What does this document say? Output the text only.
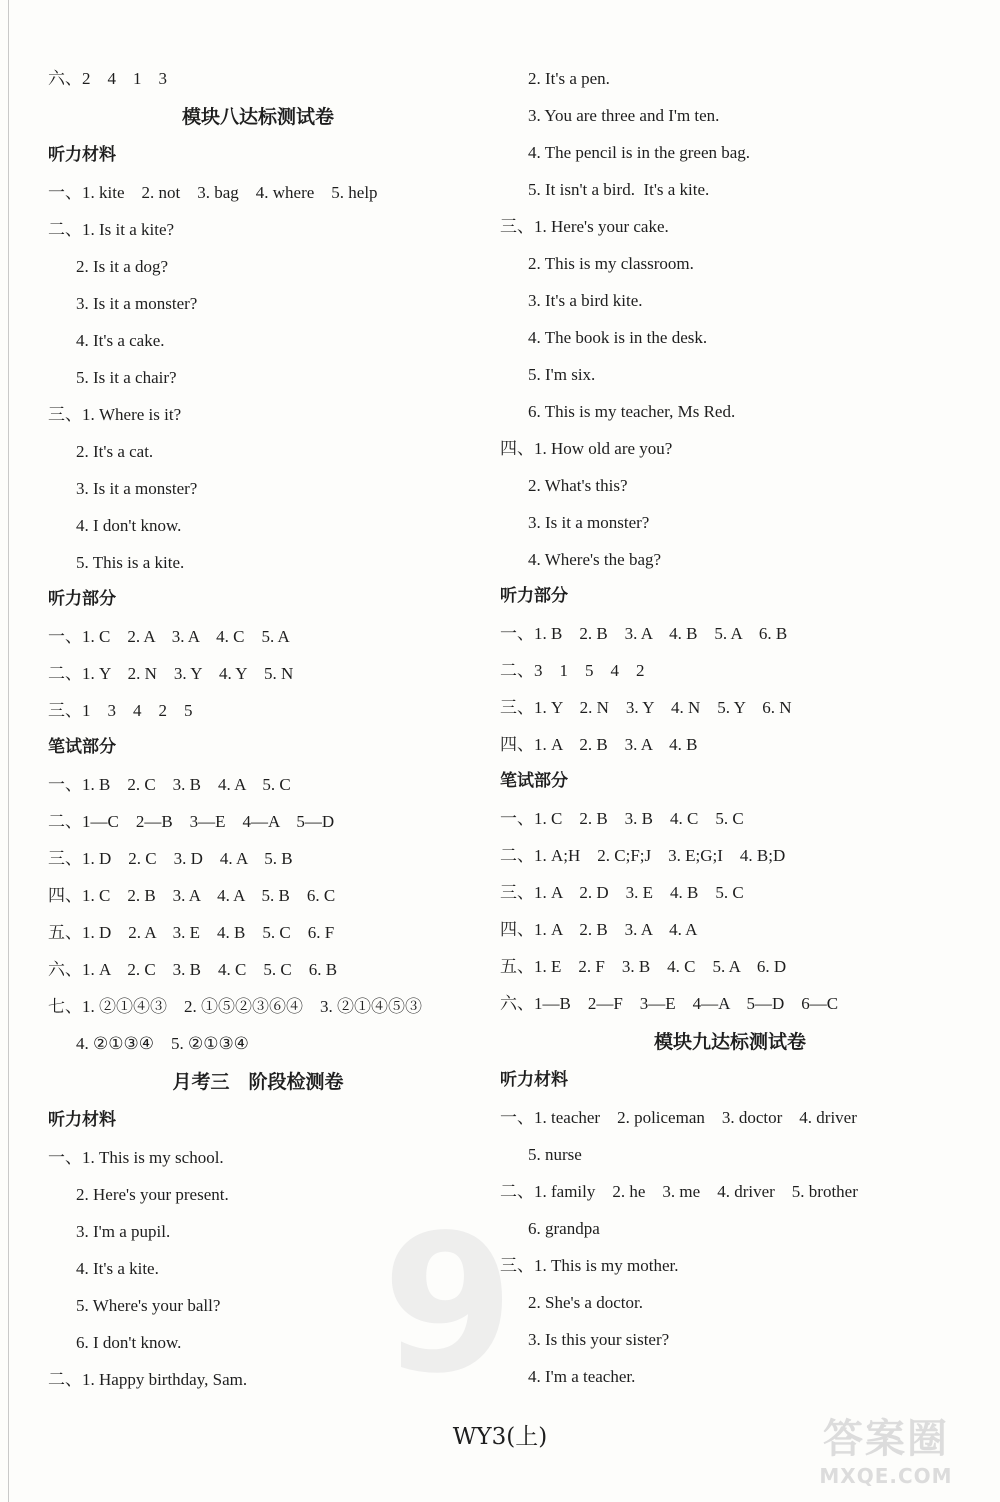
9
六、2　4　1　3
模块八达标测试卷
听力材料
一、1. kite　2. not　3. bag　4. where　5. help
二、1. Is it a kite?
2. Is it a dog?
3. Is it a monster?
4. It's a cake.
5. Is it a chair?
三、1. Where is it?
2. It's a cat.
3. Is it a monster?
4. I don't know.
5. This is a kite.
听力部分
一、1. C　2. A　3. A　4. C　5. A
二、1. Y　2. N　3. Y　4. Y　5. N
三、1　3　4　2　5
笔试部分
一、1. B　2. C　3. B　4. A　5. C
二、1—C　2—B　3—E　4—A　5—D
三、1. D　2. C　3. D　4. A　5. B
四、1. C　2. B　3. A　4. A　5. B　6. C
五、1. D　2. A　3. E　4. B　5. C　6. F
六、1. A　2. C　3. B　4. C　5. C　6. B
七、1. ②①④③　2. ①⑤②③⑥④　3. ②①④⑤③
4. ②①③④　5. ②①③④
月考三　阶段检测卷
听力材料
一、1. This is my school.
2. Here's your present.
3. I'm a pupil.
4. It's a kite.
5. Where's your ball?
6. I don't know.
二、1. Happy birthday, Sam.
2. It's a pen.
3. You are three and I'm ten.
4. The pencil is in the green bag.
5. It isn't a bird.  It's a kite.
三、1. Here's your cake.
2. This is my classroom.
3. It's a bird kite.
4. The book is in the desk.
5. I'm six.
6. This is my teacher, Ms Red.
四、1. How old are you?
2. What's this?
3. Is it a monster?
4. Where's the bag?
听力部分
一、1. B　2. B　3. A　4. B　5. A　6. B
二、3　1　5　4　2
三、1. Y　2. N　3. Y　4. N　5. Y　6. N
四、1. A　2. B　3. A　4. B
笔试部分
一、1. C　2. B　3. B　4. C　5. C
二、1. A;H　2. C;F;J　3. E;G;I　4. B;D
三、1. A　2. D　3. E　4. B　5. C
四、1. A　2. B　3. A　4. A
五、1. E　2. F　3. B　4. C　5. A　6. D
六、1—B　2—F　3—E　4—A　5—D　6—C
模块九达标测试卷
听力材料
一、1. teacher　2. policeman　3. doctor　4. driver
5. nurse
二、1. family　2. he　3. me　4. driver　5. brother
6. grandpa
三、1. This is my mother.
2. She's a doctor.
3. Is this your sister?
4. I'm a teacher.
WY3(上)	答案圈
MXQE.COM
